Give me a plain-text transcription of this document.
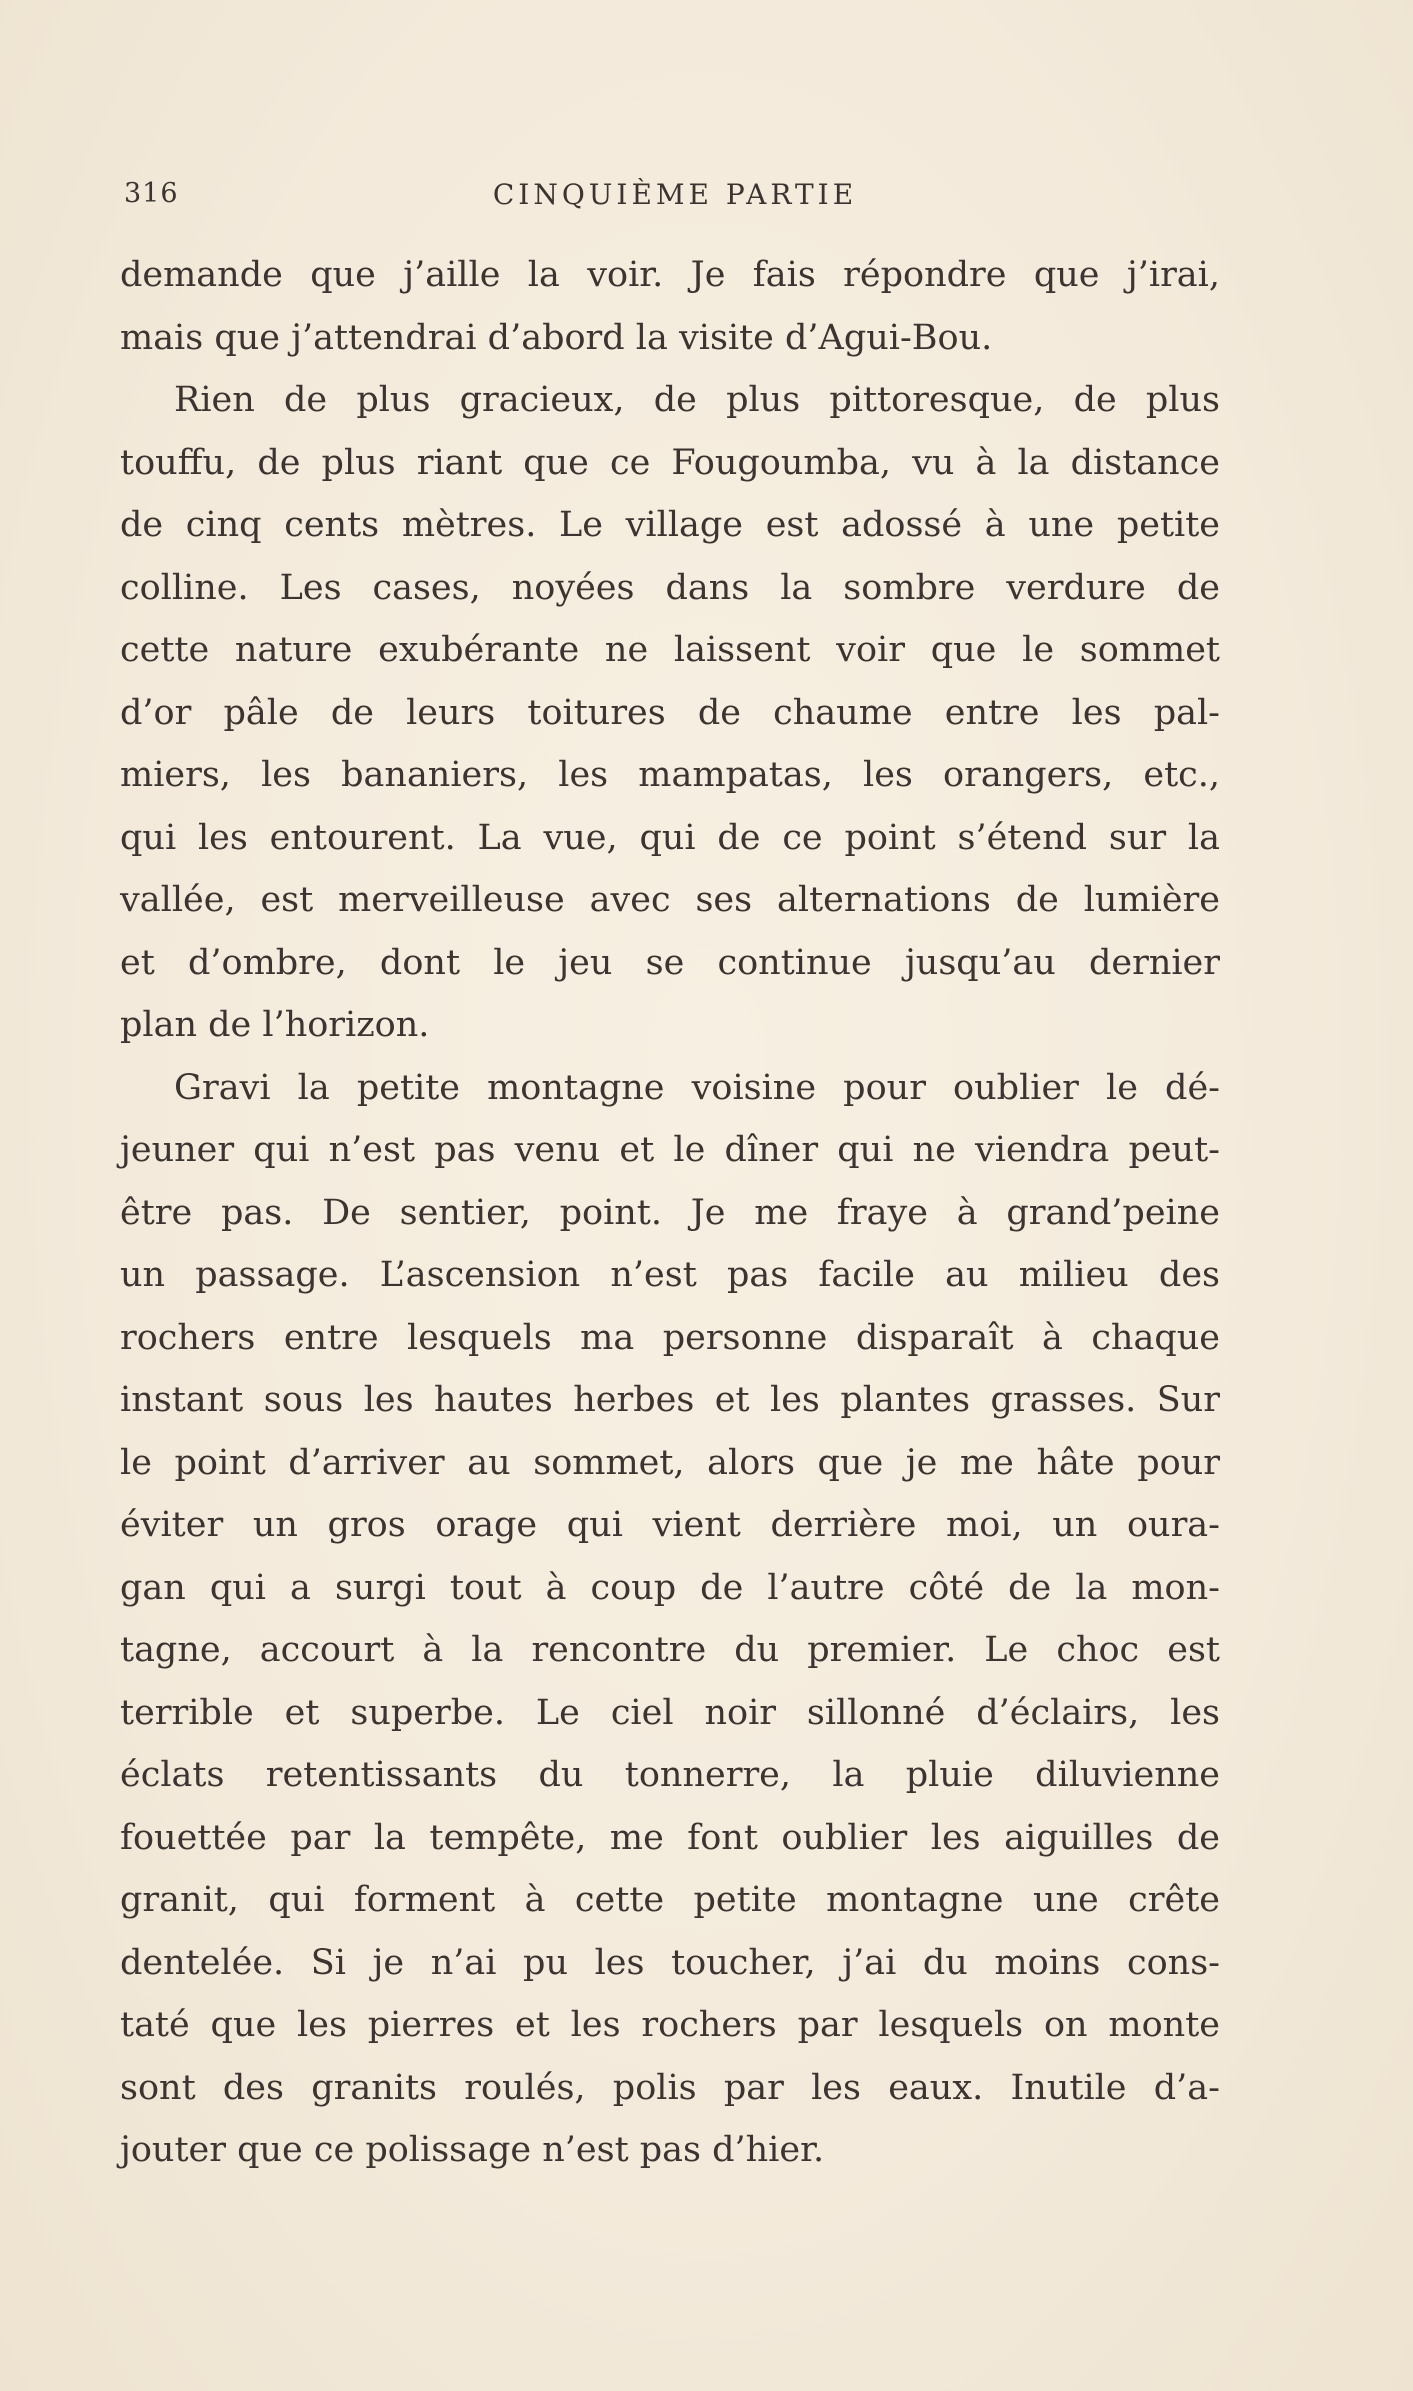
316	CINQUIÈME PARTIE
demande que j’aille la voir. Je fais répondre que j’irai,
mais que j’attendrai d’abord la visite d’Agui-Bou.
Rien de plus gracieux, de plus pittoresque, de plus
touffu, de plus riant que ce Fougoumba, vu à la distance
de cinq cents mètres. Le village est adossé à une petite
colline. Les cases, noyées dans la sombre verdure de
cette nature exubérante ne laissent voir que le sommet
d’or pâle de leurs toitures de chaume entre les pal-
miers, les bananiers, les mampatas, les orangers, etc.,
qui les entourent. La vue, qui de ce point s’étend sur la
vallée, est merveilleuse avec ses alternations de lumière
et d’ombre, dont le jeu se continue jusqu’au dernier
plan de l’horizon.
Gravi la petite montagne voisine pour oublier le dé-
jeuner qui n’est pas venu et le dîner qui ne viendra peut-
être pas. De sentier, point. Je me fraye à grand’peine
un passage. L’ascension n’est pas facile au milieu des
rochers entre lesquels ma personne disparaît à chaque
instant sous les hautes herbes et les plantes grasses. Sur
le point d’arriver au sommet, alors que je me hâte pour
éviter un gros orage qui vient derrière moi, un oura-
gan qui a surgi tout à coup de l’autre côté de la mon-
tagne, accourt à la rencontre du premier. Le choc est
terrible et superbe. Le ciel noir sillonné d’éclairs, les
éclats retentissants du tonnerre, la pluie diluvienne
fouettée par la tempête, me font oublier les aiguilles de
granit, qui forment à cette petite montagne une crête
dentelée. Si je n’ai pu les toucher, j’ai du moins cons-
taté que les pierres et les rochers par lesquels on monte
sont des granits roulés, polis par les eaux. Inutile d’a-
jouter que ce polissage n’est pas d’hier.
